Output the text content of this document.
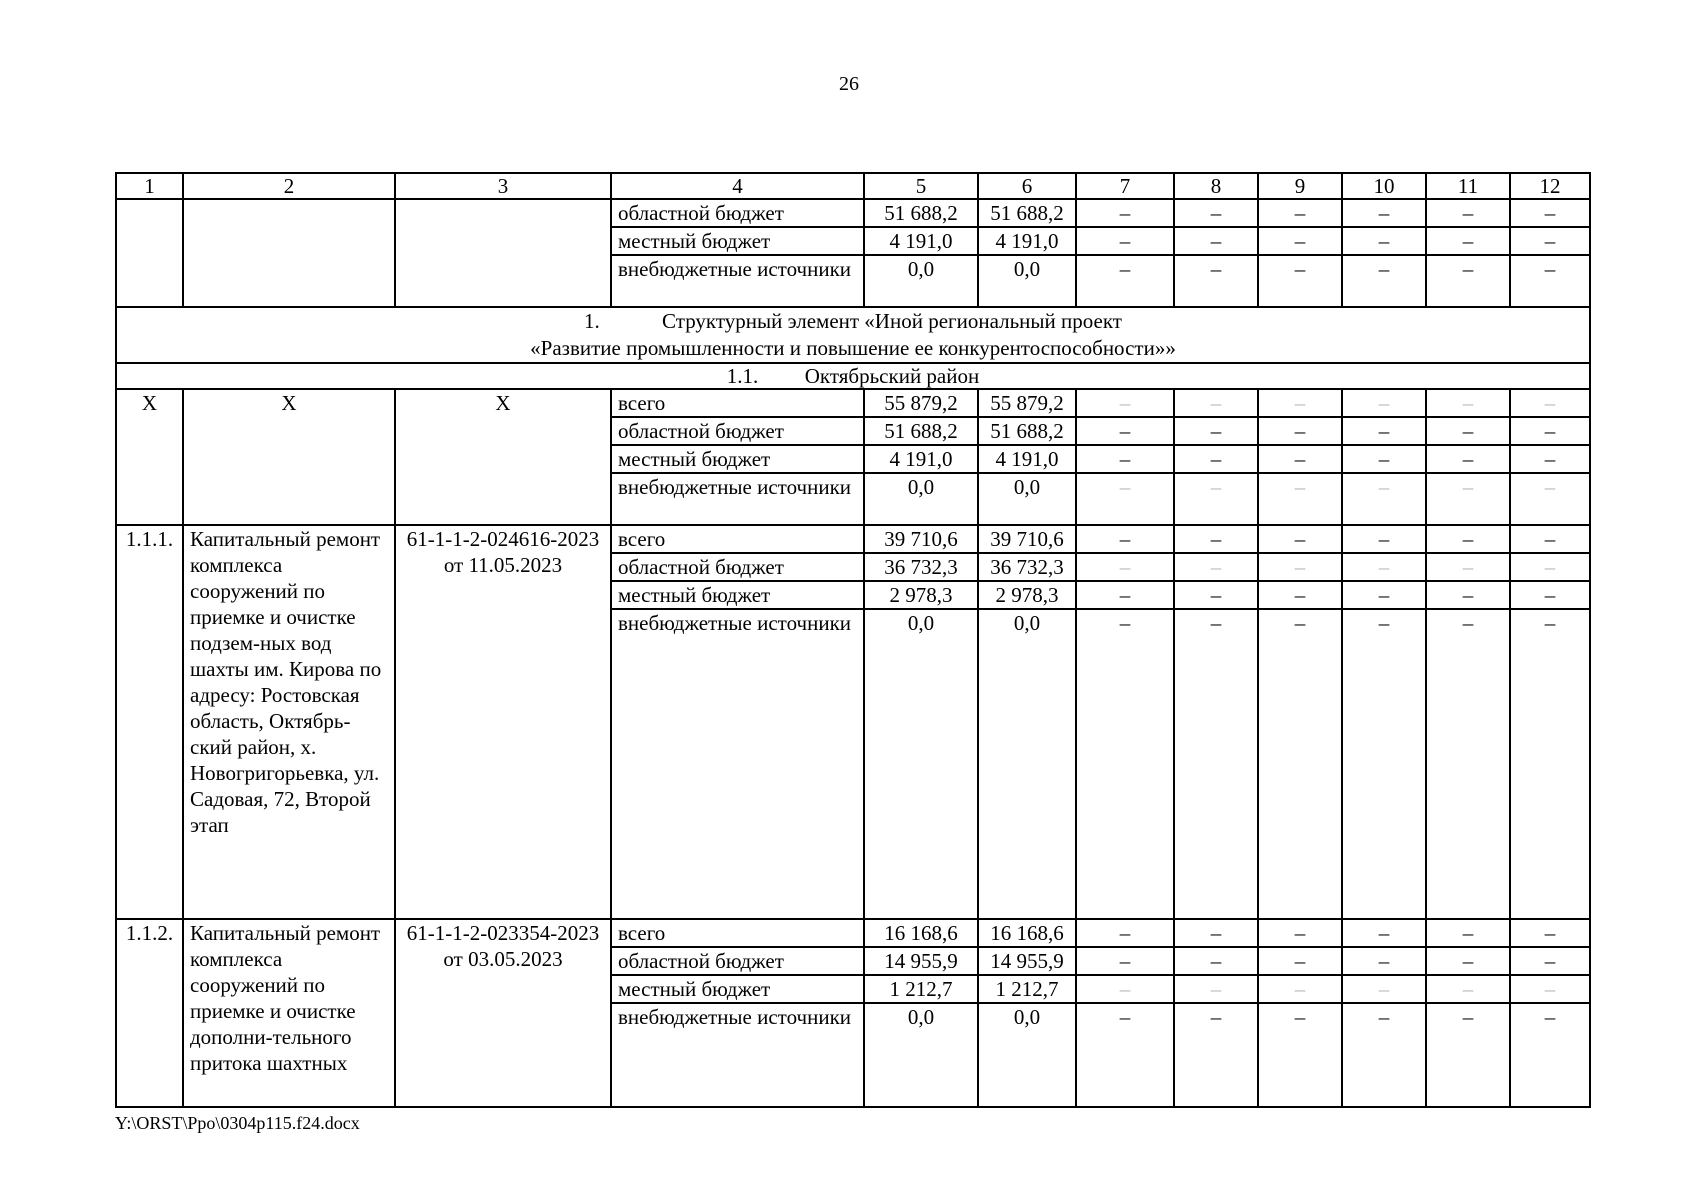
26
1	2	3	4	5	6	7	8	9	10	11	12
			областной бюджет	51 688,2	51 688,2	–	–	–	–	–	–
			местный бюджет	4 191,0	4 191,0	–	–	–	–	–	–
			внебюджетные источники	0,0	0,0	–	–	–	–	–	–

1. Структурный элемент «Иной региональный проект
«Развитие промышленности и повышение ее конкурентоспособности»»											

1.1. Октябрьский район											
X	X	X	всего	55 879,2	55 879,2	–	–	–	–	–	–
			областной бюджет	51 688,2	51 688,2	–	–	–	–	–	–
			местный бюджет	4 191,0	4 191,0	–	–	–	–	–	–
			внебюджетные источники	0,0	0,0	–	–	–	–	–	–
1.1.1.	Капитальный ремонт комплекса сооружений по приемке и очистке подзем-ных вод шахты им. Кирова по адресу: Ростовская область, Октябрь-ский район, х. Новогригорьевка, ул. Садовая, 72, Второй этап	61-1-1-2-024616-2023 от 11.05.2023	всего	39 710,6	39 710,6	–	–	–	–	–	–
			областной бюджет	36 732,3	36 732,3	–	–	–	–	–	–
			местный бюджет	2 978,3	2 978,3	–	–	–	–	–	–
			внебюджетные источники	0,0	0,0	–	–	–	–	–	–
1.1.2.	Капитальный ремонт комплекса сооружений по приемке и очистке дополни-тельного притока шахтных	61-1-1-2-023354-2023 от 03.05.2023	всего	16 168,6	16 168,6	–	–	–	–	–	–
			областной бюджет	14 955,9	14 955,9	–	–	–	–	–	–
			местный бюджет	1 212,7	1 212,7	–	–	–	–	–	–
			внебюджетные источники	0,0	0,0	–	–	–	–	–	–
Y:\ORST\Ppo\0304p115.f24.docx
